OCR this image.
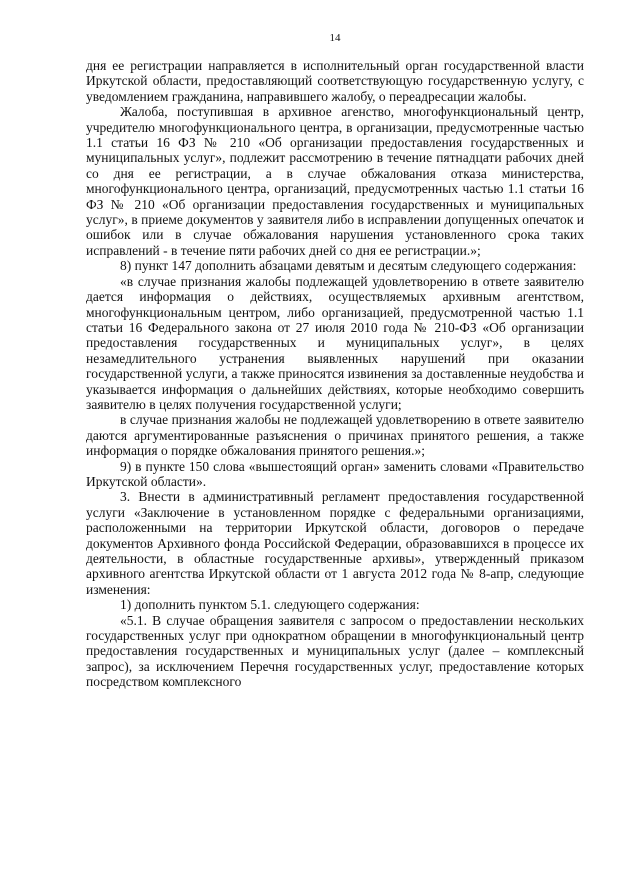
14

дня ее регистрации направляется в исполнительный орган государственной власти Иркутской области, предоставляющий соответствующую государственную услугу, с уведомлением гражданина, направившего жалобу, о переадресации жалобы.

Жалоба, поступившая в архивное агенство, многофункциональный центр, учредителю многофункционального центра, в организации, предусмотренные частью 1.1 статьи 16 ФЗ № 210 «Об организации предоставления государственных и муниципальных услуг», подлежит рассмотрению в течение пятнадцати рабочих дней со дня ее регистрации, а в случае обжалования отказа министерства, многофункционального центра, организаций, предусмотренных частью 1.1 статьи 16 ФЗ № 210 «Об организации предоставления государственных и муниципальных услуг», в приеме документов у заявителя либо в исправлении допущенных опечаток и ошибок или в случае обжалования нарушения установленного срока таких исправлений - в течение пяти рабочих дней со дня ее регистрации.»;

8) пункт 147 дополнить абзацами девятым и десятым следующего содержания:

«в случае признания жалобы подлежащей удовлетворению в ответе заявителю дается информация о действиях, осуществляемых архивным агентством, многофункциональным центром, либо организацией, предусмотренной частью 1.1 статьи 16 Федерального закона от 27 июля 2010 года № 210-ФЗ «Об организации предоставления государственных и муниципальных услуг», в целях незамедлительного устранения выявленных нарушений при оказании государственной услуги, а также приносятся извинения за доставленные неудобства и указывается информация о дальнейших действиях, которые необходимо совершить заявителю в целях получения государственной услуги;

в случае признания жалобы не подлежащей удовлетворению в ответе заявителю даются аргументированные разъяснения о причинах принятого решения, а также информация о порядке обжалования принятого решения.»;

9) в пункте 150 слова «вышестоящий орган» заменить словами «Правительство Иркутской области».

3. Внести в административный регламент предоставления государственной услуги «Заключение в установленном порядке с федеральными организациями, расположенными на территории Иркутской области, договоров о передаче документов Архивного фонда Российской Федерации, образовавшихся в процессе их деятельности, в областные государственные архивы», утвержденный приказом архивного агентства Иркутской области от 1 августа 2012 года № 8-апр, следующие изменения:

1) дополнить пунктом 5.1. следующего содержания:

«5.1. В случае обращения заявителя с запросом о предоставлении нескольких государственных услуг при однократном обращении в многофункциональный центр предоставления государственных и муниципальных услуг (далее – комплексный запрос), за исключением Перечня государственных услуг, предоставление которых посредством комплексного
